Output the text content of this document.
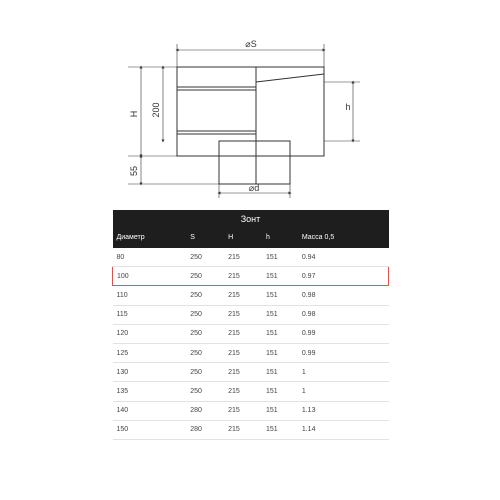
⌀S
H 200
55
h
⌀d
Зонт				
Диаметр	S	H	h	Масса 0,5
80	250	215	151	0.94
100	250	215	151	0.97
110	250	215	151	0.98
115	250	215	151	0.98
120	250	215	151	0.99
125	250	215	151	0.99
130	250	215	151	1
135	250	215	151	1
140	280	215	151	1.13
150	280	215	151	1.14
